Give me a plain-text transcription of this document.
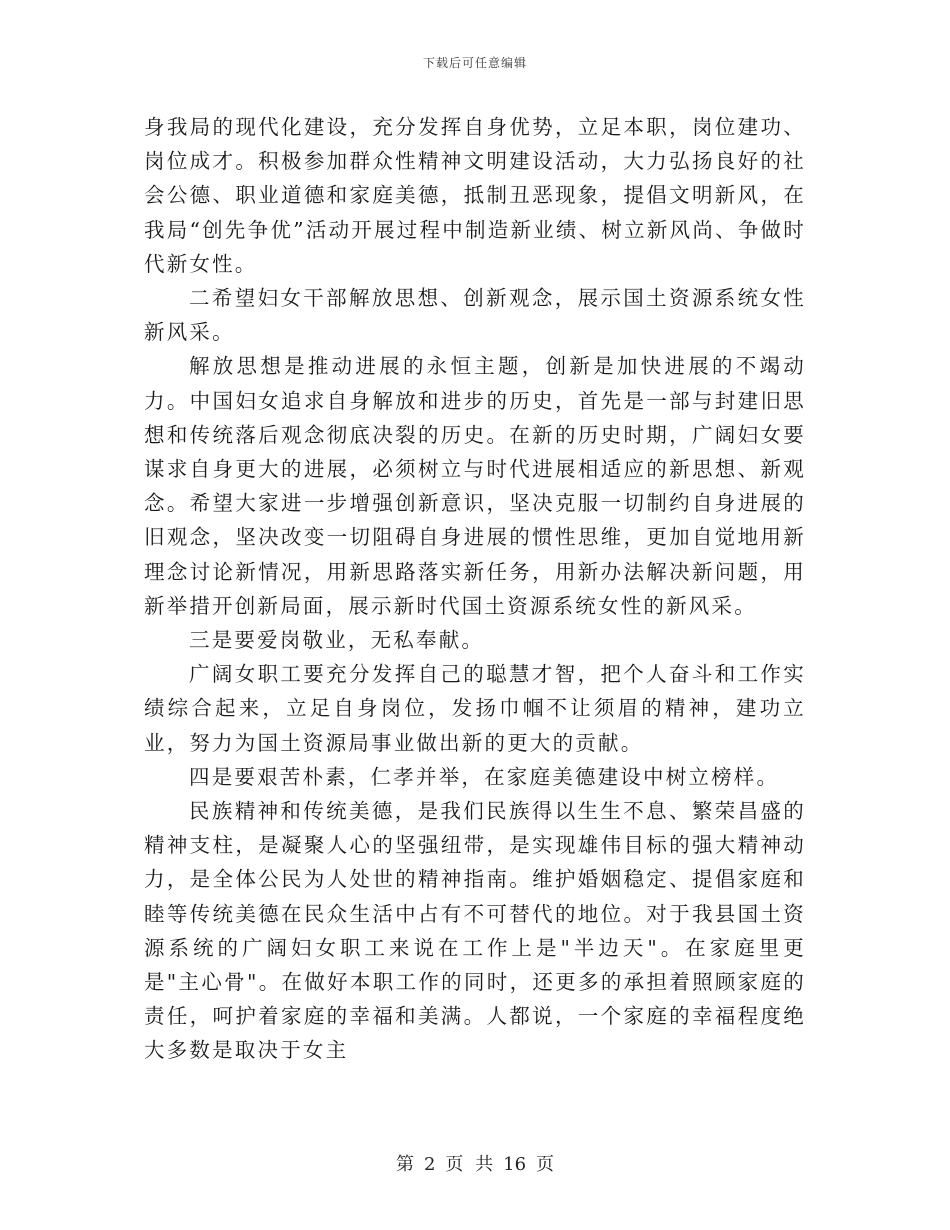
下载后可任意编辑

身我局的现代化建设，充分发挥自身优势，立足本职，岗位建功、岗位成才。积极参加群众性精神文明建设活动，大力弘扬良好的社会公德、职业道德和家庭美德，抵制丑恶现象，提倡文明新风，在我局“创先争优”活动开展过程中制造新业绩、树立新风尚、争做时代新女性。

二希望妇女干部解放思想、创新观念，展示国土资源系统女性新风采。

解放思想是推动进展的永恒主题，创新是加快进展的不竭动力。中国妇女追求自身解放和进步的历史，首先是一部与封建旧思想和传统落后观念彻底决裂的历史。在新的历史时期，广阔妇女要谋求自身更大的进展，必须树立与时代进展相适应的新思想、新观念。希望大家进一步增强创新意识，坚决克服一切制约自身进展的旧观念，坚决改变一切阻碍自身进展的惯性思维，更加自觉地用新理念讨论新情况，用新思路落实新任务，用新办法解决新问题，用新举措开创新局面，展示新时代国土资源系统女性的新风采。

三是要爱岗敬业，无私奉献。

广阔女职工要充分发挥自己的聪慧才智，把个人奋斗和工作实绩综合起来，立足自身岗位，发扬巾帼不让须眉的精神，建功立业，努力为国土资源局事业做出新的更大的贡献。

四是要艰苦朴素，仁孝并举，在家庭美德建设中树立榜样。

民族精神和传统美德，是我们民族得以生生不息、繁荣昌盛的精神支柱，是凝聚人心的坚强纽带，是实现雄伟目标的强大精神动力，是全体公民为人处世的精神指南。维护婚姻稳定、提倡家庭和睦等传统美德在民众生活中占有不可替代的地位。对于我县国土资源系统的广阔妇女职工来说在工作上是"半边天"。在家庭里更是"主心骨"。在做好本职工作的同时，还更多的承担着照顾家庭的责任，呵护着家庭的幸福和美满。人都说，一个家庭的幸福程度绝大多数是取决于女主

第 2 页 共 16 页
